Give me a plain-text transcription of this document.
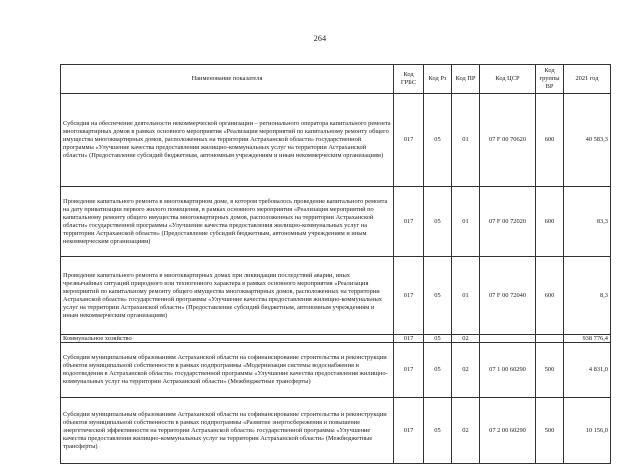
264
Наименование показателя	Код ГРБС	Код Рз	Код ПР	Код ЦСР	Код группы ВР	2021 год
Субсидия на обеспечение деятельности некоммерческой организации – регионального оператора капитального ремонта многоквартирных домов в рамках основного мероприятия «Реализация мероприятий по капитальному ремонту общего имущества многоквартирных домов, расположенных на территории Астраханской области» государственной программы «Улучшение качества предоставления жилищно-коммунальных услуг на территории Астраханской области» (Предоставление субсидий бюджетным, автономным учреждениям и иным некоммерческим организациям)	017	05	01	07 F 00 70620	600	40 583,3
Проведение капитального ремонта в многоквартирном доме, в котором требовалось проведение капитального ремонта на дату приватизации первого жилого помещения, в рамках основного мероприятия «Реализация мероприятий по капитальному ремонту общего имущества многоквартирных домов, расположенных на территории Астраханской области» государственной программы «Улучшение качества предоставления жилищно-коммунальных услуг на территории Астраханской области» (Предоставление субсидий бюджетным, автономным учреждениям и иным некоммерческим организациям)	017	05	01	07 F 00 72020	600	83,3
Проведение капитального ремонта в многоквартирных домах при ликвидации последствий аварии, иных чрезвычайных ситуаций природного или техногенного характера в рамках основного мероприятия «Реализация мероприятий по капитальному ремонту общего имущества многоквартирных домов, расположенных на территории Астраханской области» государственной программы «Улучшение качества предоставления жилищно-коммунальных услуг на территории Астраханской области» (Предоставление субсидий бюджетным, автономным учреждениям и иным некоммерческим организациям)	017	05	01	07 F 00 72040	600	8,3
Коммунальное хозяйство	017	05	02			938 776,4
Субсидии муниципальным образованиям Астраханской области на софинансирование строительства и реконструкции объектов муниципальной собственности в рамках подпрограммы «Модернизация системы водоснабжения и водоотведения в Астраханской области» государственной программы «Улучшение качества предоставления жилищно-коммунальных услуг на территории Астраханской области» (Межбюджетные трансферты)	017	05	02	07 1 00 60290	500	4 831,0
Субсидии муниципальным образованиям Астраханской области на софинансирование строительства и реконструкции объектов муниципальной собственности в рамках подпрограммы «Развитие энергосбережения и повышение энергетической эффективности на территории Астраханской области» государственной программы «Улучшение качества предоставления жилищно-коммунальных услуг на территории Астраханской области» (Межбюджетные трансферты)	017	05	02	07 2 00 60290	500	10 156,0
